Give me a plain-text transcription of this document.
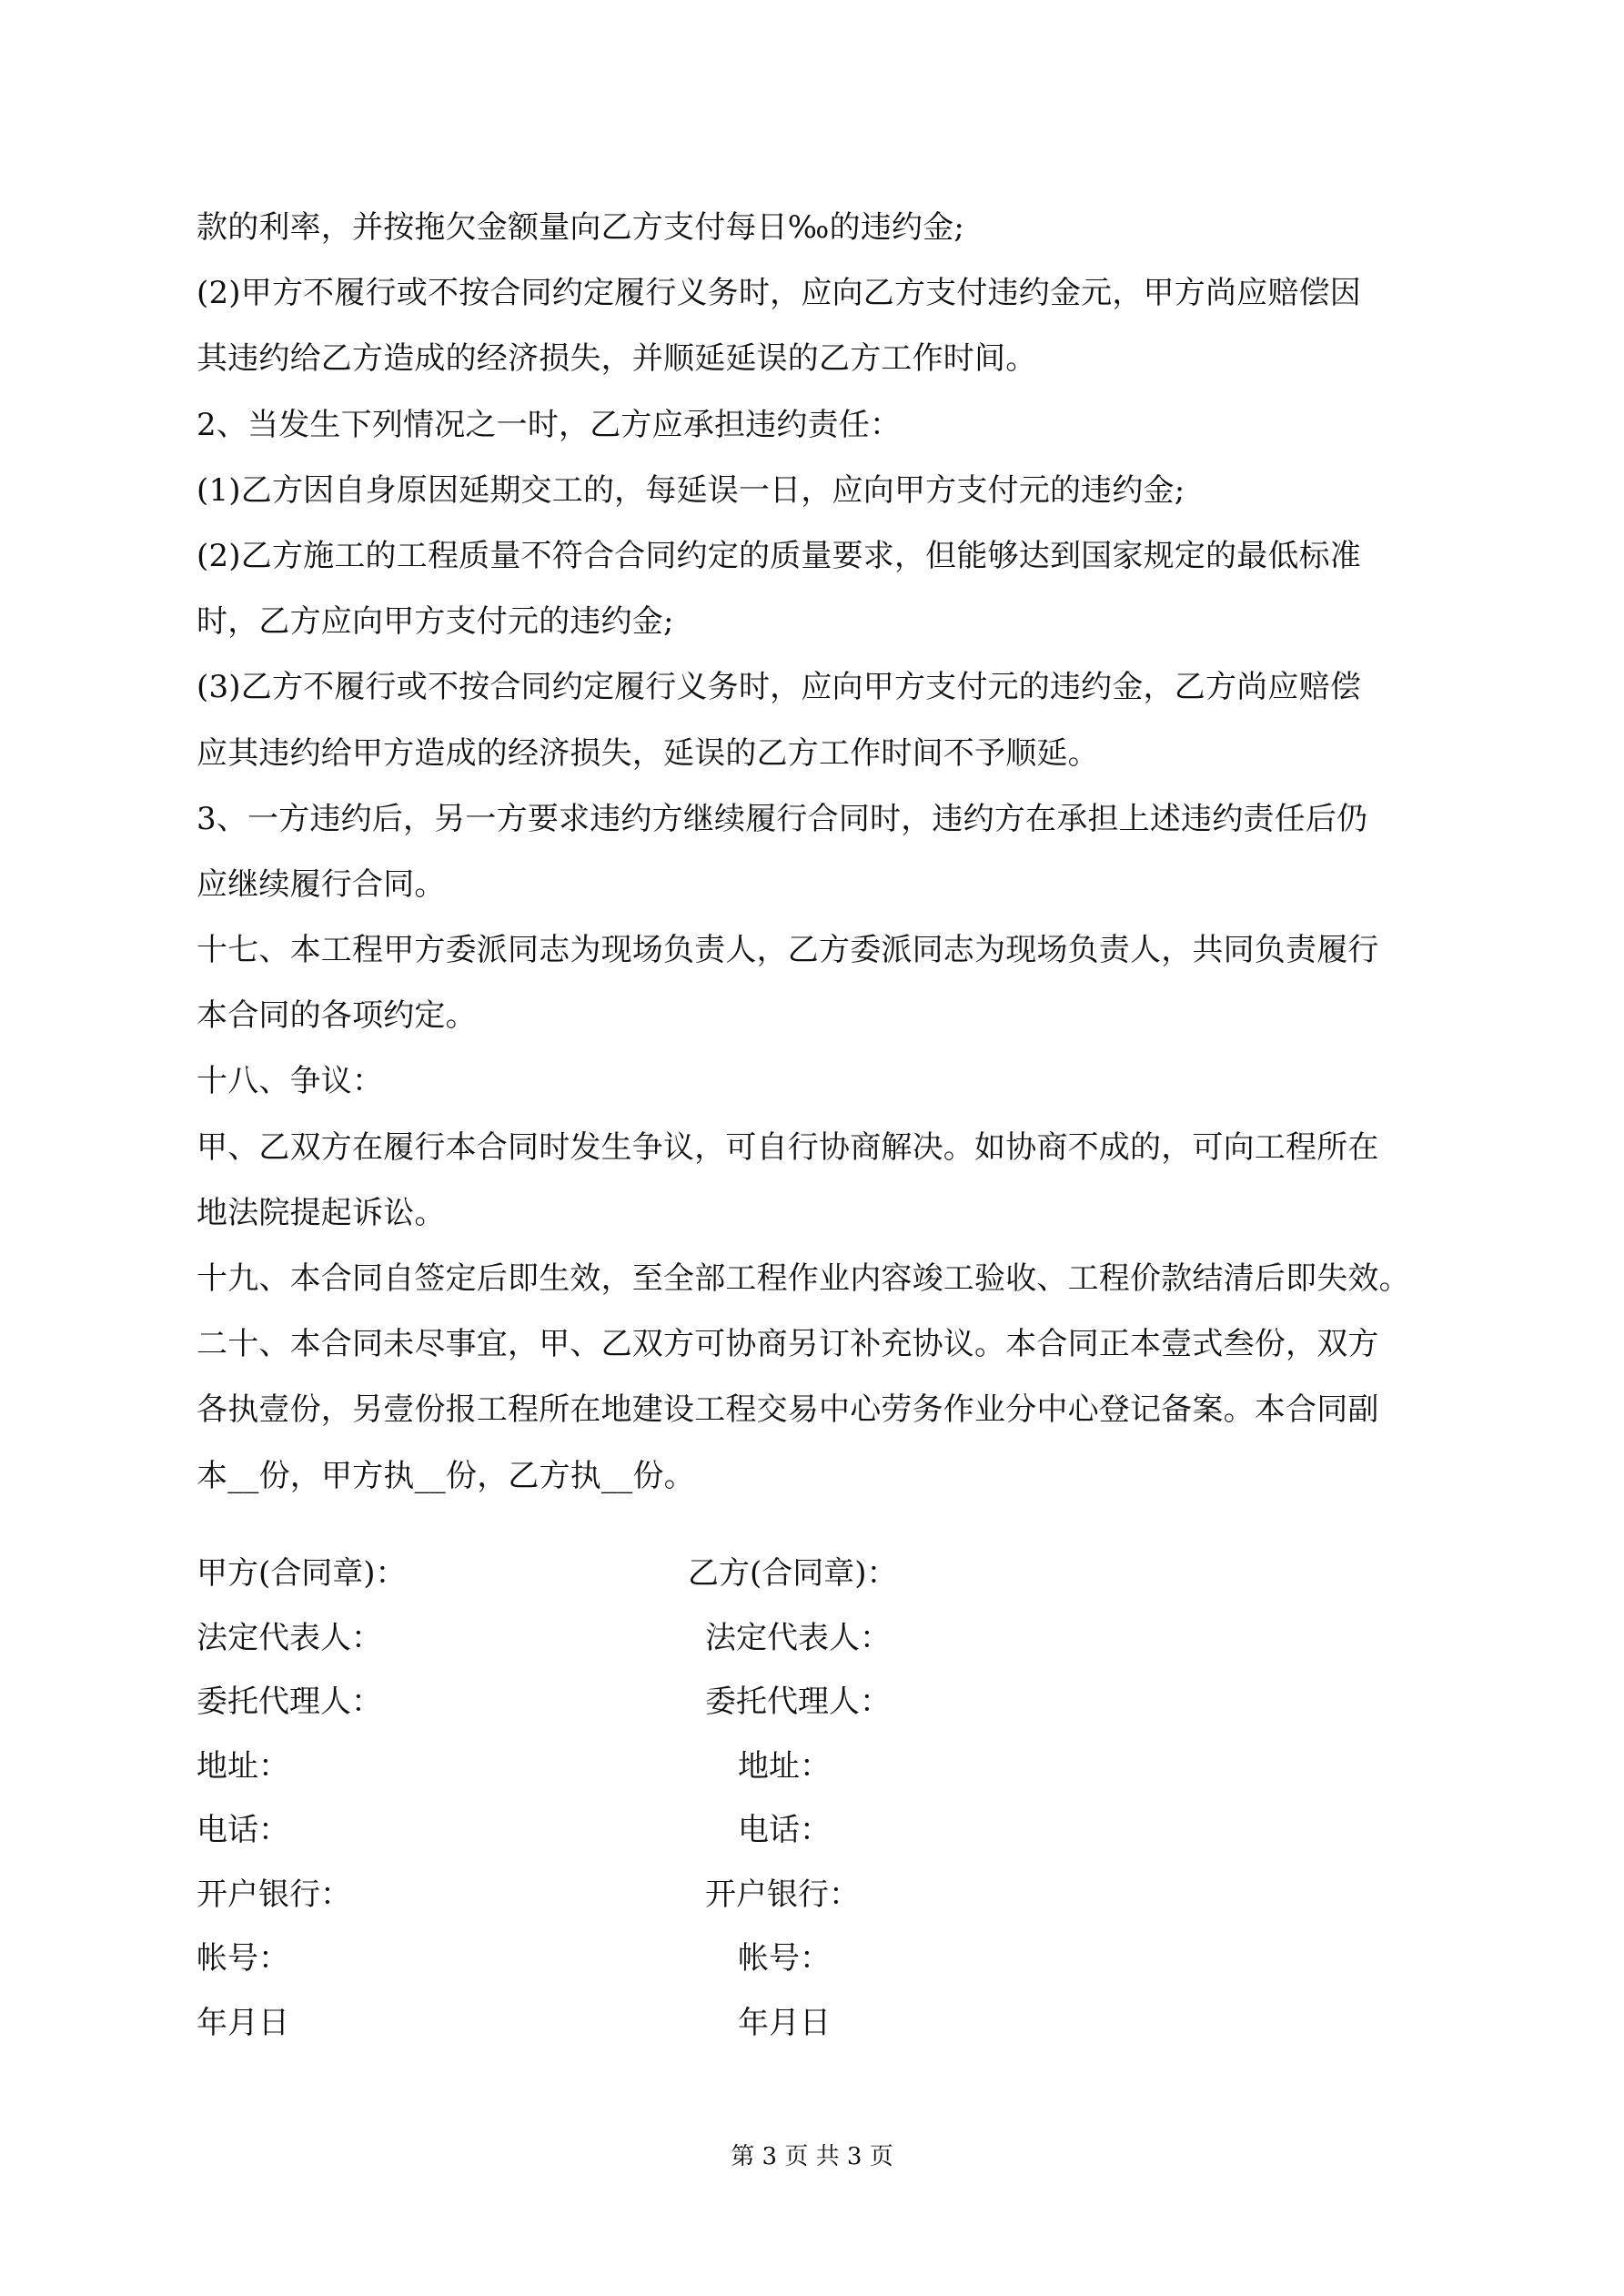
款的利率，并按拖欠金额量向乙方支付每日‰的违约金;
(2)甲方不履行或不按合同约定履行义务时，应向乙方支付违约金元，甲方尚应赔偿因
其违约给乙方造成的经济损失，并顺延延误的乙方工作时间。
2、当发生下列情况之一时，乙方应承担违约责任：
(1)乙方因自身原因延期交工的，每延误一日，应向甲方支付元的违约金;
(2)乙方施工的工程质量不符合合同约定的质量要求，但能够达到国家规定的最低标准
时，乙方应向甲方支付元的违约金;
(3)乙方不履行或不按合同约定履行义务时，应向甲方支付元的违约金，乙方尚应赔偿
应其违约给甲方造成的经济损失，延误的乙方工作时间不予顺延。
3、一方违约后，另一方要求违约方继续履行合同时，违约方在承担上述违约责任后仍
应继续履行合同。
十七、本工程甲方委派同志为现场负责人，乙方委派同志为现场负责人，共同负责履行
本合同的各项约定。
十八、争议：
甲、乙双方在履行本合同时发生争议，可自行协商解决。如协商不成的，可向工程所在
地法院提起诉讼。
十九、本合同自签定后即生效，至全部工程作业内容竣工验收、工程价款结清后即失效。
二十、本合同未尽事宜，甲、乙双方可协商另订补充协议。本合同正本壹式叁份，双方
各执壹份，另壹份报工程所在地建设工程交易中心劳务作业分中心登记备案。本合同副
本__份，甲方执__份，乙方执__份。
甲方(合同章)：	乙方(合同章)：
法定代表人：	法定代表人：
委托代理人：	委托代理人：
地址：	地址：
电话：	电话：
开户银行：	开户银行：
帐号：	帐号：
年月日	年月日
第 3 页 共 3 页
